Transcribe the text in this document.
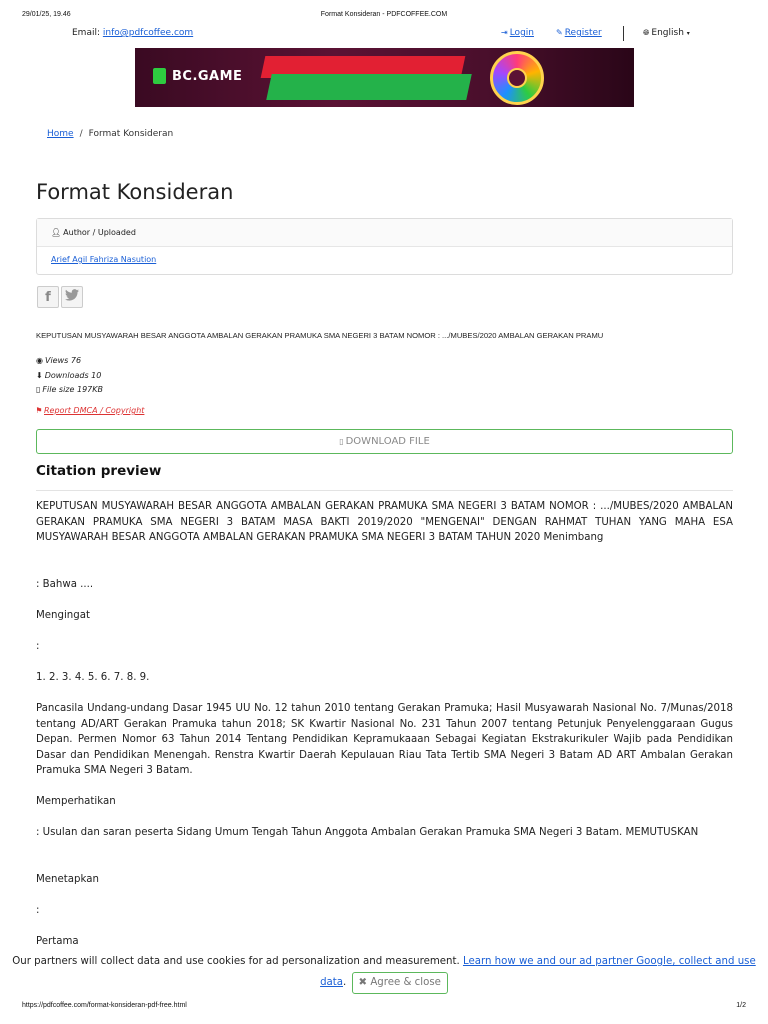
29/01/25, 19.46	Format Konsideran - PDFCOFFEE.COM
Email: info@pdfcoffee.com	⇥ Login	✎ Register	🌐︎ English ▾
BC.GAME
Home / Format Konsideran
Format Konsideran
👤︎ Author / Uploaded
Arief Agil Fahriza Nasution
f
KEPUTUSAN MUSYAWARAH BESAR ANGGOTA AMBALAN GERAKAN PRAMUKA SMA NEGERI 3 BATAM NOMOR : .../MUBES/2020 AMBALAN GERAKAN PRAMU
◉ Views 76
⬇︎ Downloads 10
▯ File size 197KB
⚑ Report DMCA / Copyright
▯ DOWNLOAD FILE
Citation preview

KEPUTUSAN MUSYAWARAH BESAR ANGGOTA AMBALAN GERAKAN PRAMUKA SMA NEGERI 3 BATAM NOMOR : .../MUBES/2020 AMBALAN GERAKAN PRAMUKA SMA NEGERI 3 BATAM MASA BAKTI 2019/2020 "MENGENAI" DENGAN RAHMAT TUHAN YANG MAHA ESA MUSYAWARAH BESAR ANGGOTA AMBALAN GERAKAN PRAMUKA SMA NEGERI 3 BATAM TAHUN 2020 Menimbang

: Bahwa ....

Mengingat

:

1. 2. 3. 4. 5. 6. 7. 8. 9.

Pancasila Undang-undang Dasar 1945 UU No. 12 tahun 2010 tentang Gerakan Pramuka; Hasil Musyawarah Nasional No. 7/Munas/2018 tentang AD/ART Gerakan Pramuka tahun 2018; SK Kwartir Nasional No. 231 Tahun 2007 tentang Petunjuk Penyelenggaraan Gugus Depan. Permen Nomor 63 Tahun 2014 Tentang Pendidikan Kepramukaaan Sebagai Kegiatan Ekstrakurikuler Wajib pada Pendidikan Dasar dan Pendidikan Menengah. Renstra Kwartir Daerah Kepulauan Riau Tata Tertib SMA Negeri 3 Batam AD ART Ambalan Gerakan Pramuka SMA Negeri 3 Batam.

Memperhatikan

: Usulan dan saran peserta Sidang Umum Tengah Tahun Anggota Ambalan Gerakan Pramuka SMA Negeri 3 Batam. MEMUTUSKAN

Menetapkan

:

Pertama

Our partners will collect data and use cookies for ad personalization and measurement. Learn how we and our ad partner Google, collect and use data. ✖︎ Agree & close
https://pdfcoffee.com/format-konsideran-pdf-free.html	1/2
